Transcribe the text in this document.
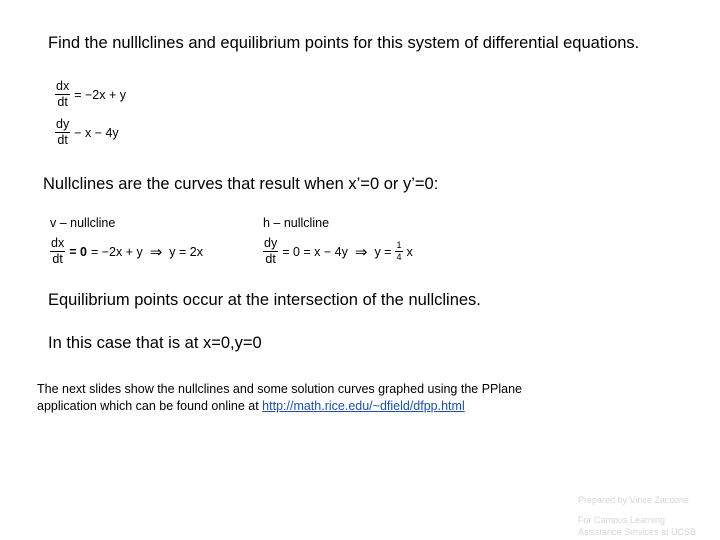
Find the nulllclines and equilibrium points for this system of differential equations.
$\frac{dx}{dt} = -2x + y$
$\frac{dy}{dt} - x - 4y$
Nullclines are the curves that result when x’=0 or y’=0:
v – nullcline
$\frac{dx}{dt} = 0 = -2x + y$ ⇒ y = 2x
h – nullcline
$\frac{dy}{dt} = 0 = x - 4y$ ⇒ $y = \frac{1}{4}$ x
Equilibrium points occur at the intersection of the nullclines.
In this case that is at x=0,y=0
The next slides show the nullclines and some solution curves graphed using the PPlane
application which can be found online at http://math.rice.edu/~dfield/dfpp.html
Prepared by Vince Zaccone
For Campus Learning
Assistance Services at UCSB
